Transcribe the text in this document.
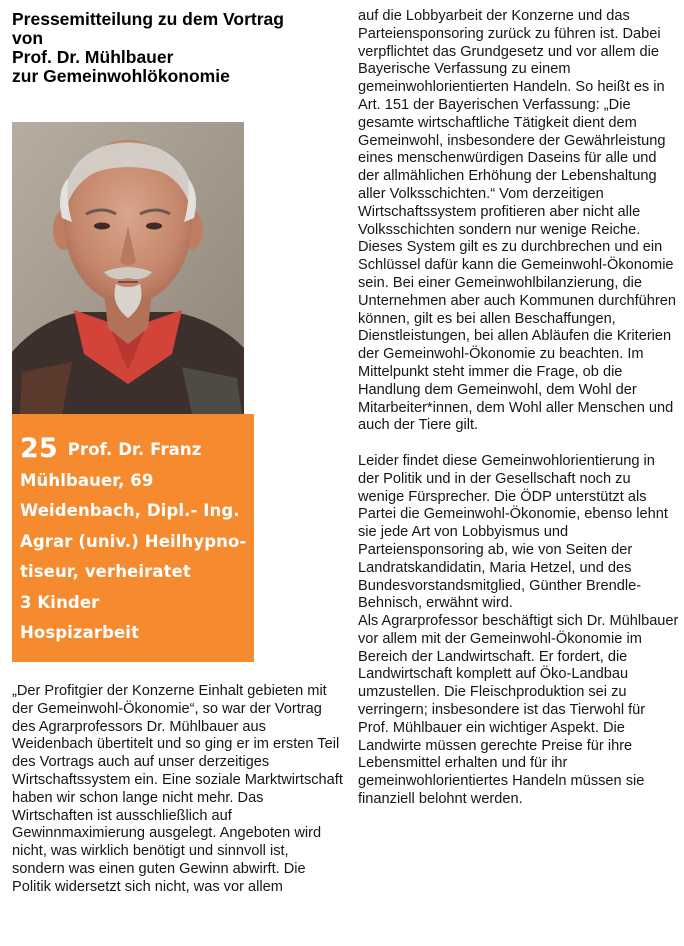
Pressemitteilung zu dem Vortrag
von
Prof. Dr. Mühlbauer
zur Gemeinwohlökonomie
25 Prof. Dr. Franz
Mühlbauer, 69
Weidenbach, Dipl.- Ing.
Agrar (univ.) Heilhypno-
tiseur, verheiratet
3 Kinder
Hospizarbeit

„Der Profitgier der Konzerne Einhalt gebieten mit der Gemeinwohl-Ökonomie“, so war der Vortrag des Agrarprofessors Dr. Mühlbauer aus Weidenbach übertitelt und so ging er im ersten Teil des Vortrags auch auf unser derzeitiges Wirtschaftssystem ein. Eine soziale Marktwirtschaft haben wir schon lange nicht mehr. Das Wirtschaften ist ausschließlich auf Gewinnmaximierung ausgelegt. Angeboten wird nicht, was wirklich benötigt und sinnvoll ist, sondern was einen guten Gewinn abwirft. Die Politik widersetzt sich nicht, was vor allem

auf die Lobbyarbeit der Konzerne und das Parteiensponsoring zurück zu führen ist. Dabei verpflichtet das Grundgesetz und vor allem die Bayerische Verfassung zu einem gemeinwohlorientierten Handeln. So heißt es in Art. 151 der Bayerischen Verfassung: „Die gesamte wirtschaftliche Tätigkeit dient dem Gemeinwohl, insbesondere der Gewährleistung eines menschenwürdigen Daseins für alle und der allmählichen Erhöhung der Lebenshaltung aller Volksschichten.“ Vom derzeitigen Wirtschaftssystem profitieren aber nicht alle Volksschichten sondern nur wenige Reiche. Dieses System gilt es zu durchbrechen und ein Schlüssel dafür kann die Gemeinwohl-Ökonomie sein. Bei einer Gemeinwohlbilanzierung, die Unternehmen aber auch Kommunen durchführen können, gilt es bei allen Beschaffungen, Dienstleistungen, bei allen Abläufen die Kriterien der Gemeinwohl-Ökonomie zu beachten. Im Mittelpunkt steht immer die Frage, ob die Handlung dem Gemeinwohl, dem Wohl der Mitarbeiter*innen, dem Wohl aller Menschen und auch der Tiere gilt.

Leider findet diese Gemeinwohlorientierung in der Politik und in der Gesellschaft noch zu wenige Fürsprecher. Die ÖDP unterstützt als Partei die Gemeinwohl-Ökonomie, ebenso lehnt sie jede Art von Lobbyismus und Parteiensponsoring ab, wie von Seiten der Landratskandidatin, Maria Hetzel, und des Bundesvorstandsmitglied, Günther Brendle-Behnisch, erwähnt wird.

Als Agrarprofessor beschäftigt sich Dr. Mühlbauer vor allem mit der Gemeinwohl-Ökonomie im Bereich der Landwirtschaft. Er fordert, die Landwirtschaft komplett auf Öko-Landbau umzustellen. Die Fleischproduktion sei zu verringern; insbesondere ist das Tierwohl für Prof. Mühlbauer ein wichtiger Aspekt. Die Landwirte müssen gerechte Preise für ihre Lebensmittel erhalten und für ihr gemeinwohlorientiertes Handeln müssen sie finanziell belohnt werden.
